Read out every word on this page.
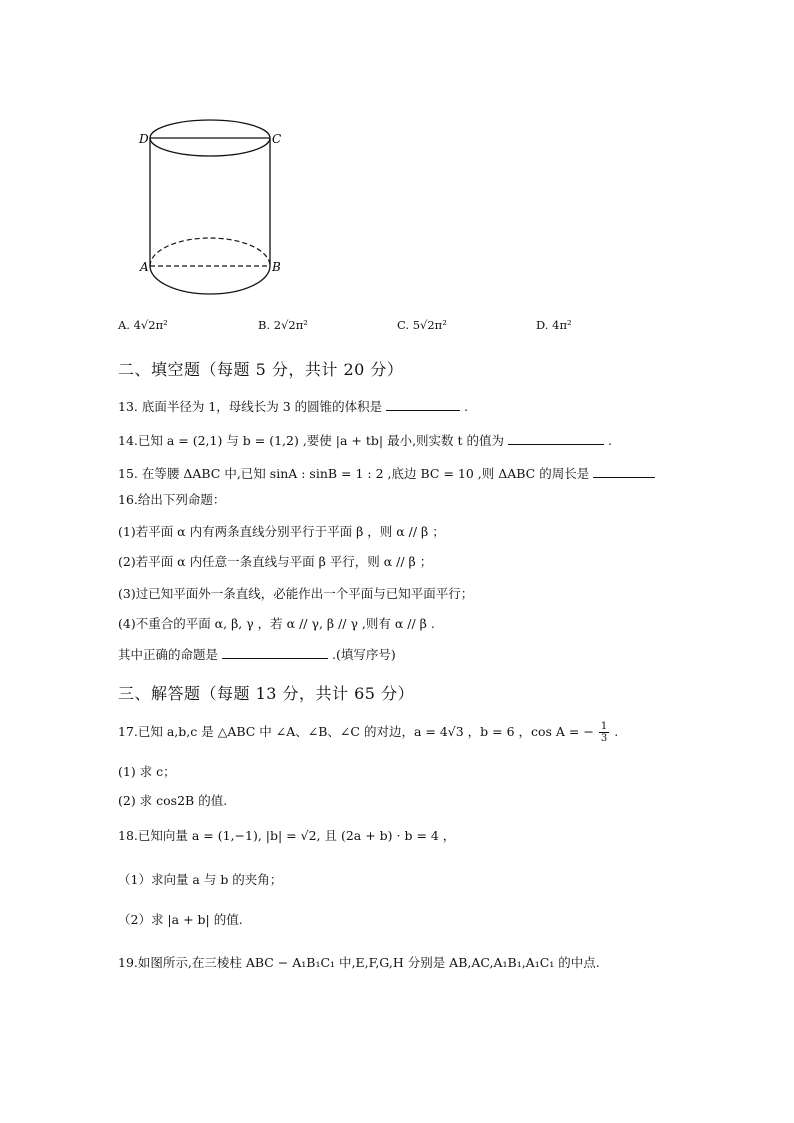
D	C
A	B
A. 4√2π²	B. 2√2π²	C. 5√2π²	D. 4π²
二、填空题（每题 5 分，共计 20 分）
13. 底面半径为 1，母线长为 3 的圆锥的体积是	.
14.已知 a = (2,1) 与 b = (1,2) ,要使 |a + tb| 最小,则实数 t 的值为	.
15. 在等腰 ΔABC 中,已知 sinA : sinB = 1 : 2 ,底边 BC = 10 ,则 ΔABC 的周长是
16.给出下列命题：
(1)若平面 α 内有两条直线分别平行于平面 β ，则 α // β ；
(2)若平面 α 内任意一条直线与平面 β 平行，则 α // β ；
(3)过已知平面外一条直线，必能作出一个平面与已知平面平行；
(4)不重合的平面 α, β, γ ，若 α // γ, β // γ ,则有 α // β .
其中正确的命题是	.(填写序号)
三、解答题（每题 13 分，共计 65 分）
17.已知 a,b,c 是 △ABC 中 ∠A、∠B、∠C 的对边，a = 4√3 ，b = 6 ，cos A = − $\frac{1}{3}$ .
(1) 求 c；
(2) 求 cos2B 的值.
18.已知向量 a = (1,−1), |b| = √2, 且 (2a + b) · b = 4 ，
（1）求向量 a 与 b 的夹角；
（2）求 |a + b| 的值.
19.如图所示,在三棱柱 ABC − A₁B₁C₁ 中,E,F,G,H 分别是 AB,AC,A₁B₁,A₁C₁ 的中点.
